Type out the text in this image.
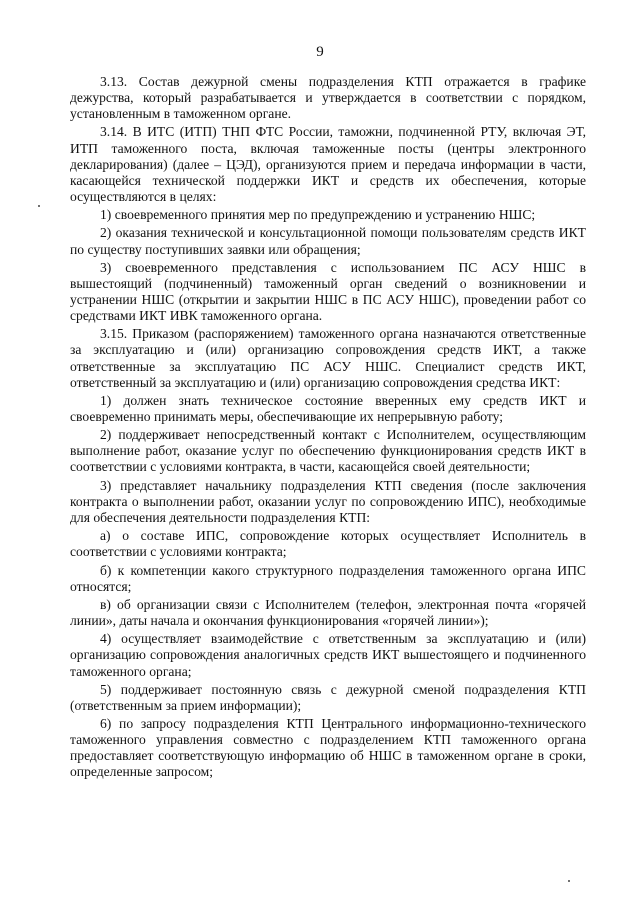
9

3.13. Состав дежурной смены подразделения КТП отражается в графике дежурства, который разрабатывается и утверждается в соответствии с порядком, установленным в таможенном органе.

3.14. В ИТС (ИТП) ТНП ФТС России, таможни, подчиненной РТУ, включая ЭТ, ИТП таможенного поста, включая таможенные посты (центры электронного декларирования) (далее – ЦЭД), организуются прием и передача информации в части, касающейся технической поддержки ИКТ и средств их обеспечения, которые осуществляются в целях:

1) своевременного принятия мер по предупреждению и устранению НШС;

2) оказания технической и консультационной помощи пользователям средств ИКТ по существу поступивших заявки или обращения;

3) своевременного представления с использованием ПС АСУ НШС в вышестоящий (подчиненный) таможенный орган сведений о возникновении и устранении НШС (открытии и закрытии НШС в ПС АСУ НШС), проведении работ со средствами ИКТ ИВК таможенного органа.

3.15. Приказом (распоряжением) таможенного органа назначаются ответственные за эксплуатацию и (или) организацию сопровождения средств ИКТ, а также ответственные за эксплуатацию ПС АСУ НШС. Специалист средств ИКТ, ответственный за эксплуатацию и (или) организацию сопровождения средства ИКТ:

1) должен знать техническое состояние вверенных ему средств ИКТ и своевременно принимать меры, обеспечивающие их непрерывную работу;

2) поддерживает непосредственный контакт с Исполнителем, осуществляющим выполнение работ, оказание услуг по обеспечению функционирования средств ИКТ в соответствии с условиями контракта, в части, касающейся своей деятельности;

3) представляет начальнику подразделения КТП сведения (после заключения контракта о выполнении работ, оказании услуг по сопровождению ИПС), необходимые для обеспечения деятельности подразделения КТП:

а) о составе ИПС, сопровождение которых осуществляет Исполнитель в соответствии с условиями контракта;

б) к компетенции какого структурного подразделения таможенного органа ИПС относятся;

в) об организации связи с Исполнителем (телефон, электронная почта «горячей линии», даты начала и окончания функционирования «горячей линии»);

4) осуществляет взаимодействие с ответственным за эксплуатацию и (или) организацию сопровождения аналогичных средств ИКТ вышестоящего и подчиненного таможенного органа;

5) поддерживает постоянную связь с дежурной сменой подразделения КТП (ответственным за прием информации);

6) по запросу подразделения КТП Центрального информационно-технического таможенного управления совместно с подразделением КТП таможенного органа предоставляет соответствующую информацию об НШС в таможенном органе в сроки, определенные запросом;
